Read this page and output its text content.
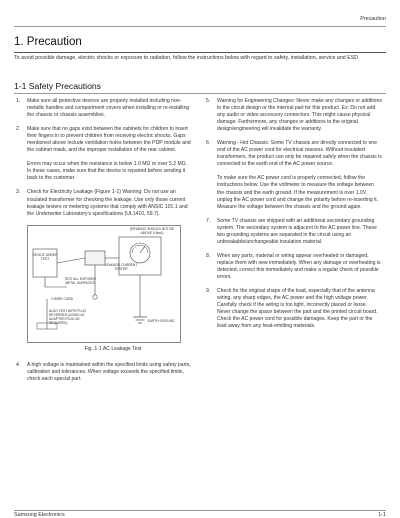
Precaution
1. Precaution
To avoid possible damage, electric shocks or exposure to radiation, follow the instructions below with regard to safety, installation, service and ESD
1-1 Safety Precautions
1.	Make sure all protective devices are properly installed including non-metallic handles and compartment covers when installing or re-installing the chassis or chassis assemblies.

2.	Make sure that no gaps exist between the cabinets for children to insert their fingers in to prevent children from receiving electric shocks. Gaps mentioned above include ventilation holes between the PDP module and the cabinet mask, and the improper installation of the rear cabinet.

Errors may occur when the resistance is below 1.0 MΩ or over 5.2 MΩ. In these cases, make sure that the device is repaired before sending it back to the customer.

3.	Check for Electricity Leakage (Figure 1-1) Warning: Do not use an insulated transformer for checking the leakage. Use only those current leakage testers or metering systems that comply with ANSIC 101.1 and the Underwriter Laboratory's specifications (UL1410, 59.7).

(READING SHOULD NOT BE ABOVE 0.5mA)
DEVICE UNDER TEST
LEAKAGE CURRENT TESTER
TEST ALL EXPOSED METAL SURFACES
2-WIRE CORD
ALSO TEST WITH PLUG REVERSED (USING AC ADAPTER PLUG AS REQUIRED)	EARTH GROUND
Fig. 1-1 AC Leakage Test
4.	A high voltage is maintained within the specified limits using safety parts, calibration and tolerances. When voltage exceeds the specified limits, check each special part.

5.	Warning for Engineering Changes: Never make any changes or additions to the circuit design or the internal part for this product. Ex: Do not add any audio or video accessory connectors. This might cause physical damage. Furthermore, any changes or additions to the original design/engineering will invalidate the warranty.

6.	Warning - Hot Chassis: Some TV chassis are directly connected to one end of the AC power cord for electrical reasons. Without insulated transformers, the product can only be repaired safely when the chassis is connected to the earth end of the AC power source.

To make sure the AC power cord is properly connected, follow the instructions below. Use the voltmeter to measure the voltage between the chassis and the earth ground. If the measurement is over 1.0V, unplug the AC power cord and change the polarity before re-inserting it. Measure the voltage between the chassis and the ground again.

7.	Some TV chassis are shipped with an additional secondary grounding system. The secondary system is adjacent to the AC power line. These two grounding systems are separated in the circuit using an unbreakable/unchangeable insulation material.

8.	When any parts, material or wiring appear overheated or damaged, replace them with new immediately. When any damage or overheating is detected, correct this immediately and make a regular check of possible errors.

9.	Check for the original shape of the lead, especially that of the antenna wiring, any sharp edges, the AC power and the high voltage power. Carefully check if the wiring is too tight, incorrectly placed or loose. Never change the space between the part and the printed circuit board. Check the AC power cord for possible damages. Keep the part or the lead away from any heat-emitting materials.

Samsung Electronics	1-1
